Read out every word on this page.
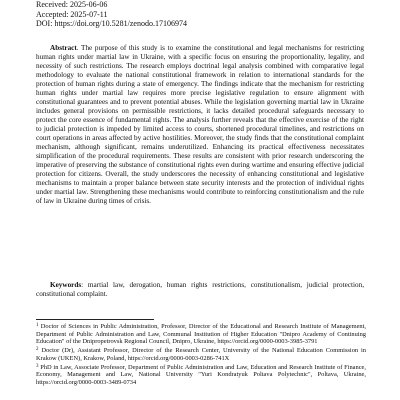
Received: 2025-06-06
Accepted: 2025-07-11
DOI: https://doi.org/10.5281/zenodo.17106974

Abstract. The purpose of this study is to examine the constitutional and legal mechanisms for restricting human rights under martial law in Ukraine, with a specific focus on ensuring the proportionality, legality, and necessity of such restrictions. The research employs doctrinal legal analysis combined with comparative legal methodology to evaluate the national constitutional framework in relation to international standards for the protection of human rights during a state of emergency. The findings indicate that the mechanism for restricting human rights under martial law requires more precise legislative regulation to ensure alignment with constitutional guarantees and to prevent potential abuses. While the legislation governing martial law in Ukraine includes general provisions on permissible restrictions, it lacks detailed procedural safeguards necessary to protect the core essence of fundamental rights. The analysis further reveals that the effective exercise of the right to judicial protection is impeded by limited access to courts, shortened procedural timelines, and restrictions on court operations in areas affected by active hostilities. Moreover, the study finds that the constitutional complaint mechanism, although significant, remains underutilized. Enhancing its practical effectiveness necessitates simplification of the procedural requirements. These results are consistent with prior research underscoring the imperative of preserving the substance of constitutional rights even during wartime and ensuring effective judicial protection for citizens. Overall, the study underscores the necessity of enhancing constitutional and legislative mechanisms to maintain a proper balance between state security interests and the protection of individual rights under martial law. Strengthening these mechanisms would contribute to reinforcing constitutionalism and the rule of law in Ukraine during times of crisis.

Keywords: martial law, derogation, human rights restrictions, constitutionalism, judicial protection, constitutional complaint.

$^1$ Doctor of Sciences in Public Administration, Professor, Director of the Educational and Research Institute of Management, Department of Public Administration and Law, Communal Institution of Higher Education "Dnipro Academy of Continuing Education" of the Dnipropetrovsk Regional Council, Dnipro, Ukraine, https://orcid.org/0000-0003-3985-3791

$^2$ Doctor (Dr), Assistant Professor, Director of the Research Center, University of the National Education Commission in Krakow (UKEN), Krakow, Poland, https://orcid.org/0000-0003-0286-741X

$^3$ PhD in Law, Associate Professor, Department of Public Administration and Law, Education and Research Institute of Finance, Economy, Management and Law, National University "Yuri Kondratyuk Poltava Polytechnic", Poltava, Ukraine, https://orcid.org/0000-0003-3489-0734
